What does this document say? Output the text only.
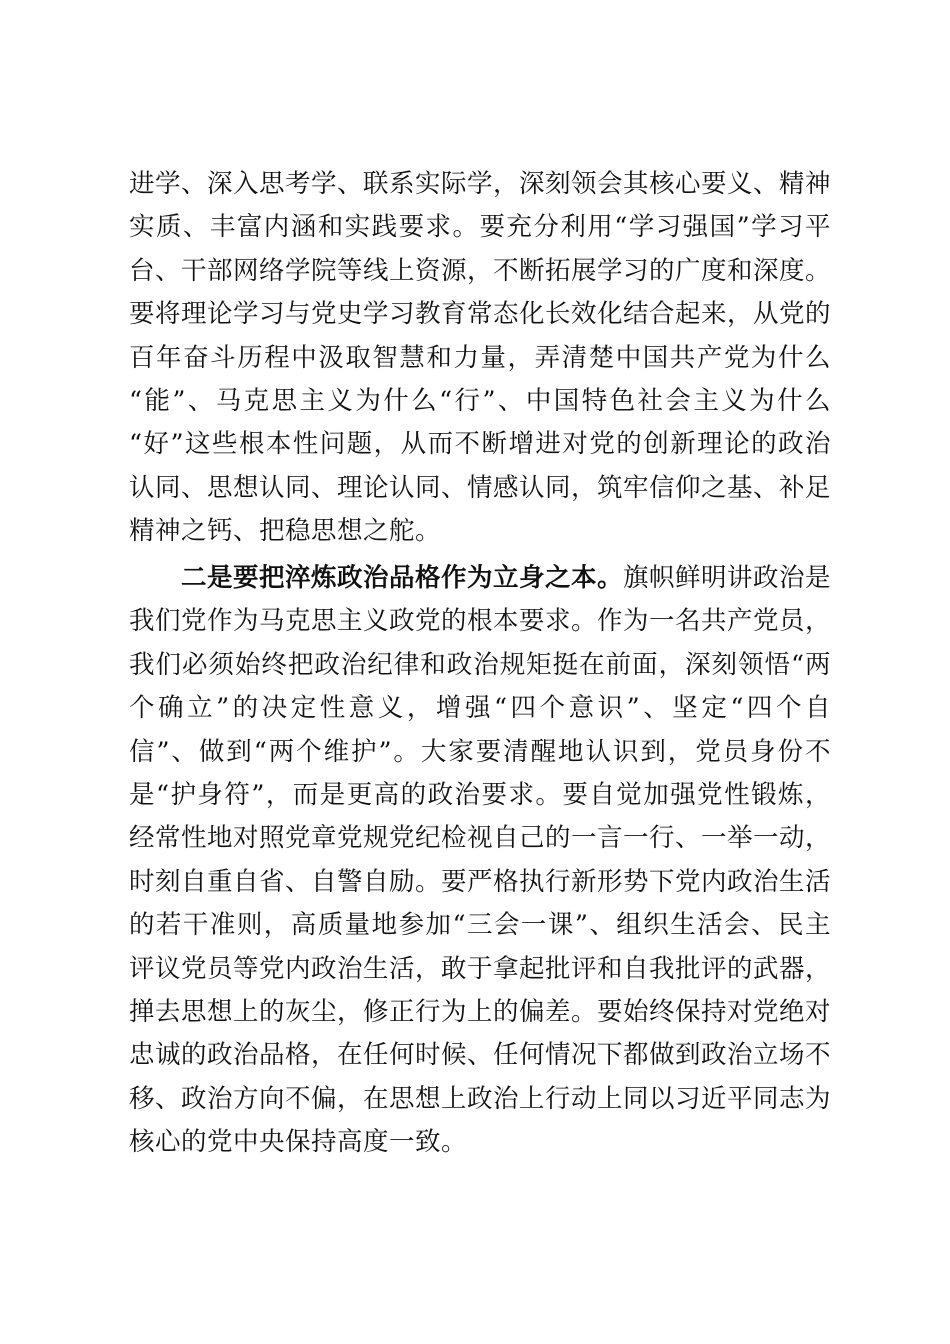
进学、深入思考学、联系实际学，深刻领会其核心要义、精神
实质、丰富内涵和实践要求。要充分利用“学习强国”学习平
台、干部网络学院等线上资源，不断拓展学习的广度和深度。
要将理论学习与党史学习教育常态化长效化结合起来，从党的
百年奋斗历程中汲取智慧和力量，弄清楚中国共产党为什么
“能”、马克思主义为什么“行”、中国特色社会主义为什么
“好”这些根本性问题，从而不断增进对党的创新理论的政治
认同、思想认同、理论认同、情感认同，筑牢信仰之基、补足
精神之钙、把稳思想之舵。
二是要把淬炼政治品格作为立身之本。旗帜鲜明讲政治是
我们党作为马克思主义政党的根本要求。作为一名共产党员，
我们必须始终把政治纪律和政治规矩挺在前面，深刻领悟“两
个确立”的决定性意义，增强“四个意识”、坚定“四个自
信”、做到“两个维护”。大家要清醒地认识到，党员身份不
是“护身符”，而是更高的政治要求。要自觉加强党性锻炼，
经常性地对照党章党规党纪检视自己的一言一行、一举一动，
时刻自重自省、自警自励。要严格执行新形势下党内政治生活
的若干准则，高质量地参加“三会一课”、组织生活会、民主
评议党员等党内政治生活，敢于拿起批评和自我批评的武器，
掸去思想上的灰尘，修正行为上的偏差。要始终保持对党绝对
忠诚的政治品格，在任何时候、任何情况下都做到政治立场不
移、政治方向不偏，在思想上政治上行动上同以习近平同志为
核心的党中央保持高度一致。
